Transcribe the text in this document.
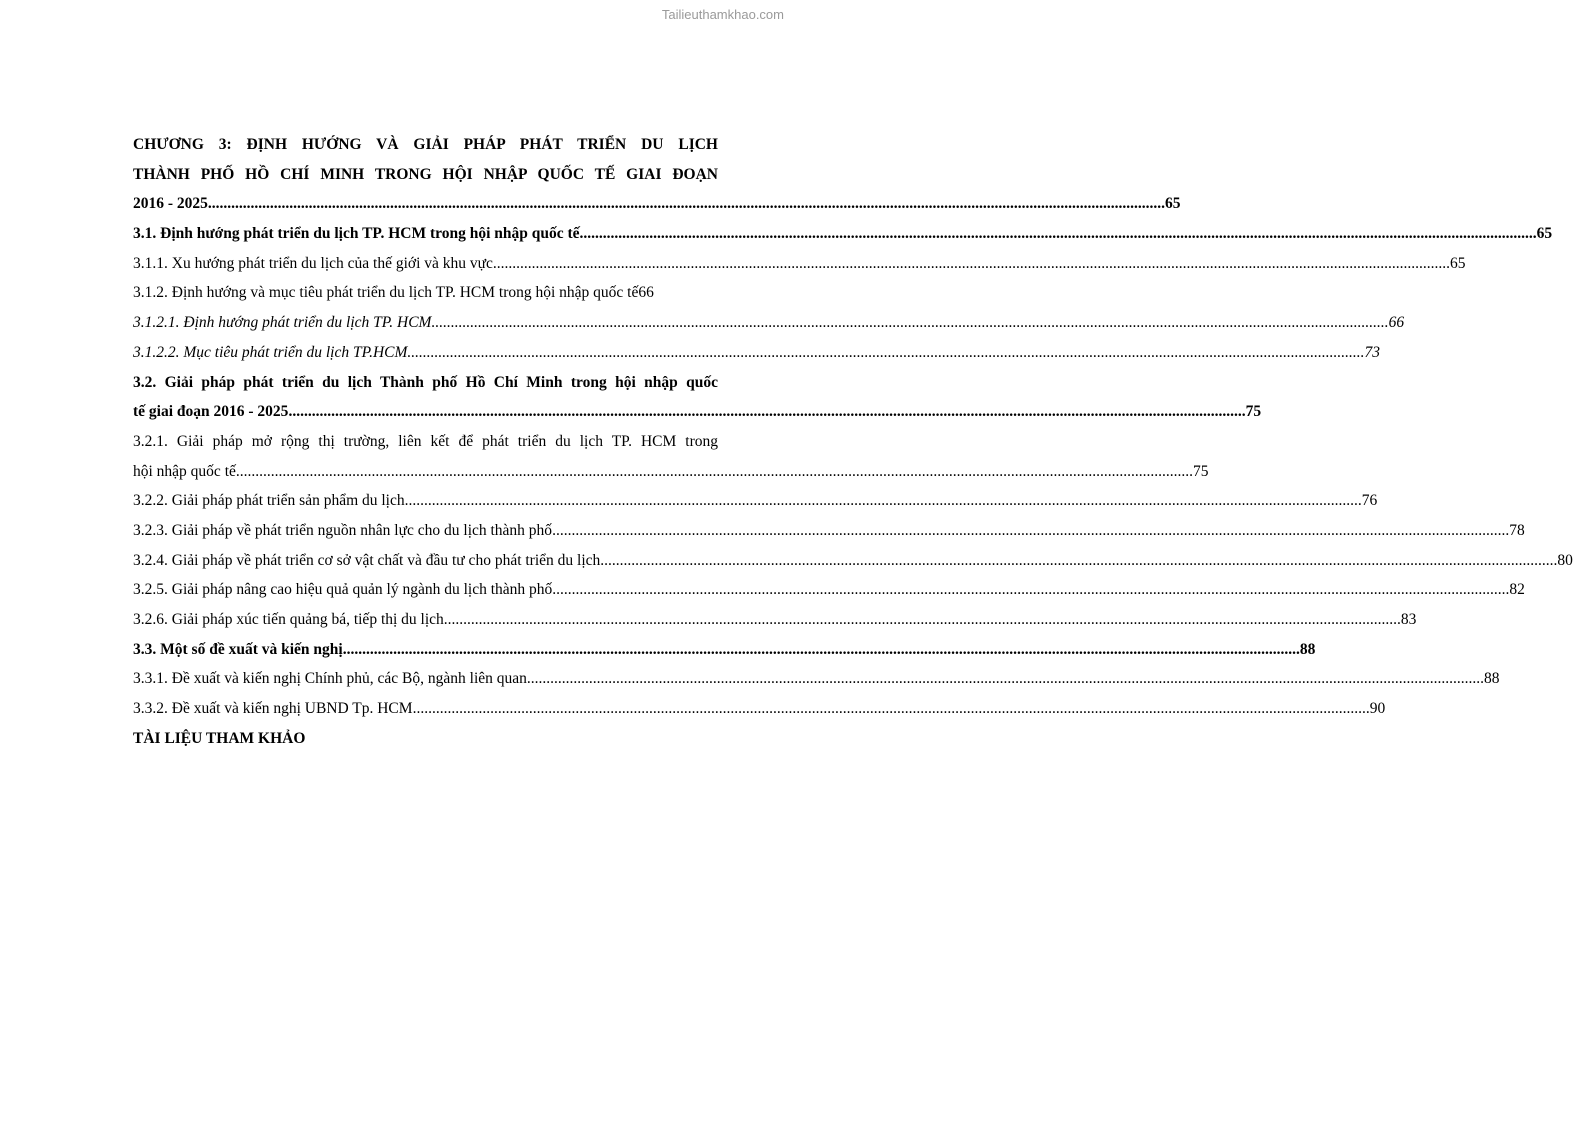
Tailieuthamkhao.com
CHƯƠNG 3: ĐỊNH HƯỚNG VÀ GIẢI PHÁP PHÁT TRIỂN DU LỊCH
THÀNH PHỐ HỒ CHÍ MINH TRONG HỘI NHẬP QUỐC TẾ GIAI ĐOẠN
2016 - 2025 .....	65
3.1. Định hướng phát triển du lịch TP. HCM trong hội nhập quốc tế .....	65
3.1.1. Xu hướng phát triển du lịch của thế giới và khu vực .....	65
3.1.2. Định hướng và mục tiêu phát triển du lịch TP. HCM trong hội nhập quốc tế 66
3.1.2.1. Định hướng phát triển du lịch TP. HCM .....	66
3.1.2.2. Mục tiêu phát triển du lịch TP.HCM .....	73
3.2. Giải pháp phát triển du lịch Thành phố Hồ Chí Minh trong hội nhập quốc
tế giai đoạn 2016 - 2025 .....	75
3.2.1. Giải pháp mở rộng thị trường, liên kết để phát triển du lịch TP. HCM trong
hội nhập quốc tế .....	75
3.2.2. Giải pháp phát triển sản phẩm du lịch .....	76
3.2.3. Giải pháp về phát triển nguồn nhân lực cho du lịch thành phố .....	78
3.2.4. Giải pháp về phát triển cơ sở vật chất và đầu tư cho phát triển du lịch .....	80
3.2.5. Giải pháp nâng cao hiệu quả quản lý ngành du lịch thành phố .....	82
3.2.6. Giải pháp xúc tiến quảng bá, tiếp thị du lịch .....	83
3.3. Một số đề xuất và kiến nghị .....	88
3.3.1. Đề xuất và kiến nghị Chính phủ, các Bộ, ngành liên quan .....	88
3.3.2. Đề xuất và kiến nghị UBND Tp. HCM .....	90
TÀI LIỆU THAM KHẢO
